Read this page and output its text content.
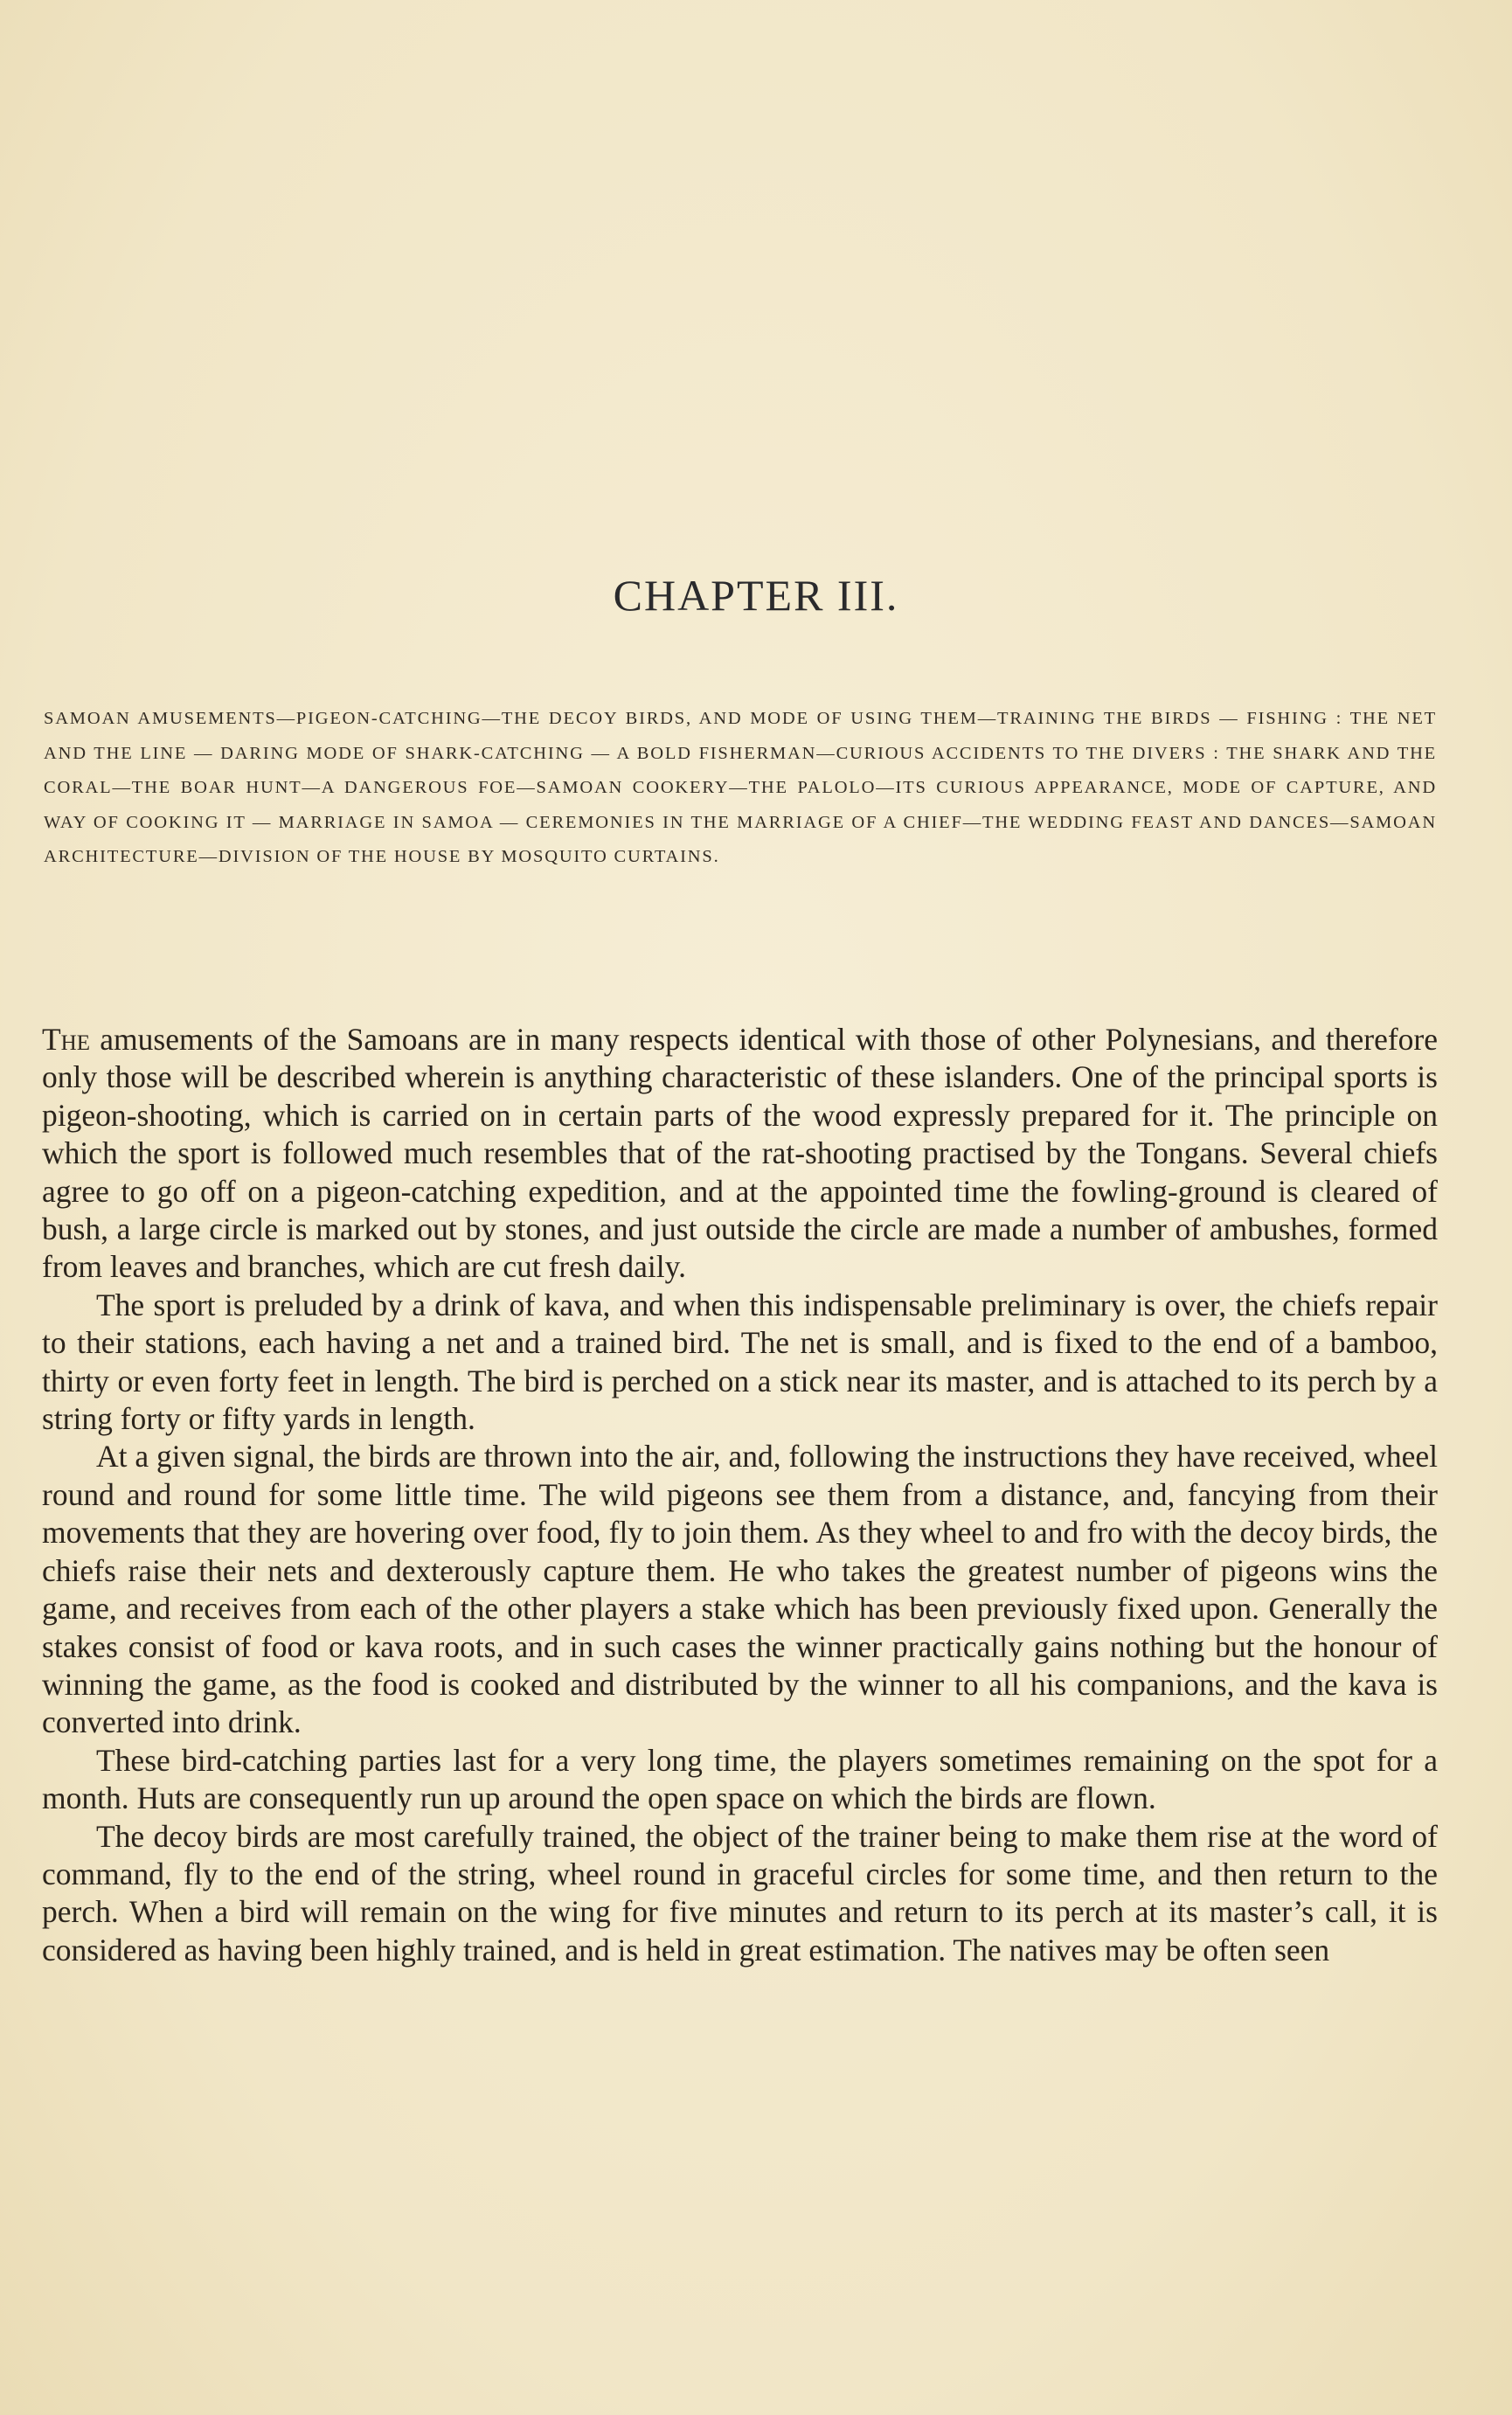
CHAPTER III.
SAMOAN AMUSEMENTS—PIGEON-CATCHING—THE DECOY BIRDS, AND MODE OF USING THEM—TRAINING THE BIRDS — FISHING : THE NET AND THE LINE — DARING MODE OF SHARK-CATCHING — A BOLD FISHERMAN—CURIOUS ACCIDENTS TO THE DIVERS : THE SHARK AND THE CORAL—THE BOAR HUNT—A DANGEROUS FOE—SAMOAN COOKERY—THE PALOLO—ITS CURIOUS APPEARANCE, MODE OF CAPTURE, AND WAY OF COOKING IT — MARRIAGE IN SAMOA — CEREMONIES IN THE MARRIAGE OF A CHIEF—THE WEDDING FEAST AND DANCES—SAMOAN ARCHITECTURE—DIVISION OF THE HOUSE BY MOSQUITO CURTAINS.

The amusements of the Samoans are in many respects identical with those of other Polynesians, and therefore only those will be described wherein is anything characteristic of these islanders. One of the principal sports is pigeon-shooting, which is carried on in certain parts of the wood expressly prepared for it. The principle on which the sport is followed much resembles that of the rat-shooting practised by the Tongans. Several chiefs agree to go off on a pigeon-catching expedition, and at the appointed time the fowling-ground is cleared of bush, a large circle is marked out by stones, and just outside the circle are made a number of ambushes, formed from leaves and branches, which are cut fresh daily.

The sport is preluded by a drink of kava, and when this indispensable preliminary is over, the chiefs repair to their stations, each having a net and a trained bird. The net is small, and is fixed to the end of a bamboo, thirty or even forty feet in length. The bird is perched on a stick near its master, and is attached to its perch by a string forty or fifty yards in length.

At a given signal, the birds are thrown into the air, and, following the instructions they have received, wheel round and round for some little time. The wild pigeons see them from a distance, and, fancying from their movements that they are hovering over food, fly to join them. As they wheel to and fro with the decoy birds, the chiefs raise their nets and dexterously capture them. He who takes the greatest number of pigeons wins the game, and receives from each of the other players a stake which has been previously fixed upon. Generally the stakes consist of food or kava roots, and in such cases the winner practically gains nothing but the honour of winning the game, as the food is cooked and distributed by the winner to all his companions, and the kava is converted into drink.

These bird-catching parties last for a very long time, the players sometimes remaining on the spot for a month. Huts are consequently run up around the open space on which the birds are flown.

The decoy birds are most carefully trained, the object of the trainer being to make them rise at the word of command, fly to the end of the string, wheel round in graceful circles for some time, and then return to the perch. When a bird will remain on the wing for five minutes and return to its perch at its master’s call, it is considered as having been highly trained, and is held in great estimation. The natives may be often seen
